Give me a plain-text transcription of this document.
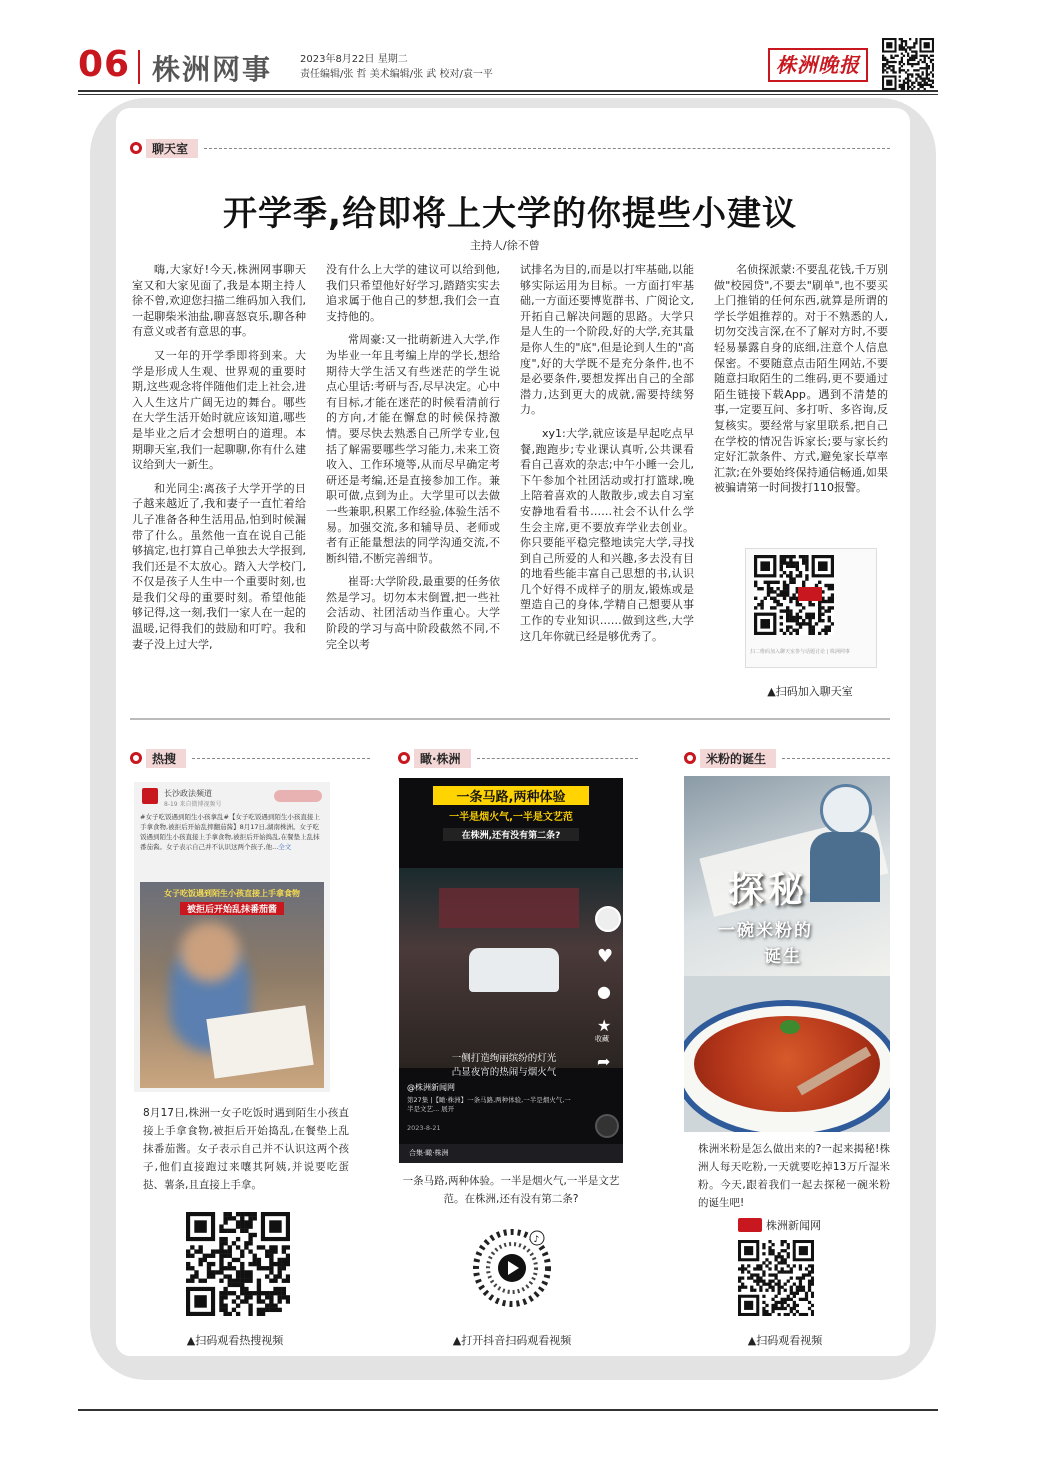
06 株洲网事	2023年8月22日 星期二
责任编辑/张 哲 美术编辑/张 武 校对/袁一平	株洲晚报
聊天室
开学季,给即将上大学的你提些小建议
主持人/徐不曾

嗨,大家好!今天,株洲网事聊天室又和大家见面了,我是本期主持人徐不曾,欢迎您扫描二维码加入我们,一起聊柴米油盐,聊喜怒哀乐,聊各种有意义或者有意思的事。

又一年的开学季即将到来。大学是形成人生观、世界观的重要时期,这些观念将伴随他们走上社会,进入人生这片广阔无边的舞台。哪些在大学生活开始时就应该知道,哪些是毕业之后才会想明白的道理。本期聊天室,我们一起聊聊,你有什么建议给到大一新生。

和光同尘:离孩子大学开学的日子越来越近了,我和妻子一直忙着给儿子准备各种生活用品,怕到时候漏带了什么。虽然他一直在说自己能够搞定,也打算自己单独去大学报到,我们还是不太放心。踏入大学校门,不仅是孩子人生中一个重要时刻,也是我们父母的重要时刻。希望他能够记得,这一刻,我们一家人在一起的温暖,记得我们的鼓励和叮咛。我和妻子没上过大学,

没有什么上大学的建议可以给到他,我们只希望他好好学习,踏踏实实去追求属于他自己的梦想,我们会一直支持他的。

常周豪:又一批萌新进入大学,作为毕业一年且考编上岸的学长,想给期待大学生活又有些迷茫的学生说点心里话:考研与否,尽早决定。心中有目标,才能在迷茫的时候看清前行的方向,才能在懈怠的时候保持激情。要尽快去熟悉自己所学专业,包括了解需要哪些学习能力,未来工资收入、工作环境等,从而尽早确定考研还是考编,还是直接参加工作。兼职可做,点到为止。大学里可以去做一些兼职,积累工作经验,体验生活不易。加强交流,多和辅导员、老师或者有正能量想法的同学沟通交流,不断纠错,不断完善细节。

崔哥:大学阶段,最重要的任务依然是学习。切勿本末倒置,把一些社会活动、社团活动当作重心。大学阶段的学习与高中阶段截然不同,不完全以考

试排名为目的,而是以打牢基础,以能够实际运用为目标。一方面打牢基础,一方面还要博览群书、广阅论文,开拓自己解决问题的思路。大学只是人生的一个阶段,好的大学,充其量是你人生的"底",但是论到人生的"高度",好的大学既不是充分条件,也不是必要条件,要想发挥出自己的全部潜力,达到更大的成就,需要持续努力。

xy1:大学,就应该是早起吃点早餐,跑跑步;专业课认真听,公共课看看自己喜欢的杂志;中午小睡一会儿,下午参加个社团活动或打打篮球,晚上陪着喜欢的人散散步,或去自习室安静地看看书……社会不认什么学生会主席,更不要放弃学业去创业。你只要能平稳完整地读完大学,寻找到自己所爱的人和兴趣,多去没有目的地看些能丰富自己思想的书,认识几个好得不成样子的朋友,锻炼或是塑造自己的身体,学精自己想要从事工作的专业知识……做到这些,大学这几年你就已经是够优秀了。

名侦探派蒙:不要乱花钱,千万别做"校园贷",不要去"刷单",也不要买上门推销的任何东西,就算是所谓的学长学姐推荐的。对于不熟悉的人,切勿交浅言深,在不了解对方时,不要轻易暴露自身的底细,注意个人信息保密。不要随意点击陌生网站,不要随意扫取陌生的二维码,更不要通过陌生链接下载App。遇到不清楚的事,一定要互问、多打听、多咨询,反复核实。要经常与家里联系,把自己在学校的情况告诉家长;要与家长约定好汇款条件、方式,避免家长草率汇款;在外要始终保持通信畅通,如果被骗请第一时间拨打110报警。

扫二维码加入聊天室参与话题讨论 | 株洲网事
▲扫码加入聊天室
热搜
长沙政法频道
8-19 来自微博视频号
#女子吃饭遇到陌生小孩拿乱#【女子吃饭遇到陌生小孩直接上手拿食物,被拒后开始乱摔翻茄酱】8月17日,湖南株洲。女子吃饭遇到陌生小孩直接上手拿食物,被拒后开始捣乱,在餐垫上乱抹番茄酱。女子表示自己并不认识这两个孩子,他...全文
女子吃饭遇到陌生小孩直接上手拿食物
被拒后开始乱抹番茄酱
8月17日,株洲一女子吃饭时遇到陌生小孩直接上手拿食物,被拒后开始捣乱,在餐垫上乱抹番茄酱。女子表示自己并不认识这两个孩子,他们直接跑过来嚷其阿姨,并说要吃蛋挞、薯条,且直接上手拿。
▲扫码观看热搜视频
瞰·株洲
一条马路,两种体验
一半是烟火气,一半是文艺范
在株洲,还有没有第二条?
♥
●
★
收藏
➦
一侧打造绚丽缤纷的灯光
凸显夜宵的热闹与烟火气
@株洲新闻网
第27集 |【瞰·株洲】一条马路,两种体验,一半是烟火气,一半是文艺... 展开
2023-8-21
合集·瞰·株洲
一条马路,两种体验。一半是烟火气,一半是文艺范。在株洲,还有没有第二条?
♪
▲打开抖音扫码观看视频
米粉的诞生
探秘
一碗米粉的
诞生
株洲米粉是怎么做出来的?一起来揭秘!株洲人每天吃粉,一天就要吃掉13万斤湿米粉。今天,跟着我们一起去探秘一碗米粉的诞生吧!
株洲新闻网
▲扫码观看视频
